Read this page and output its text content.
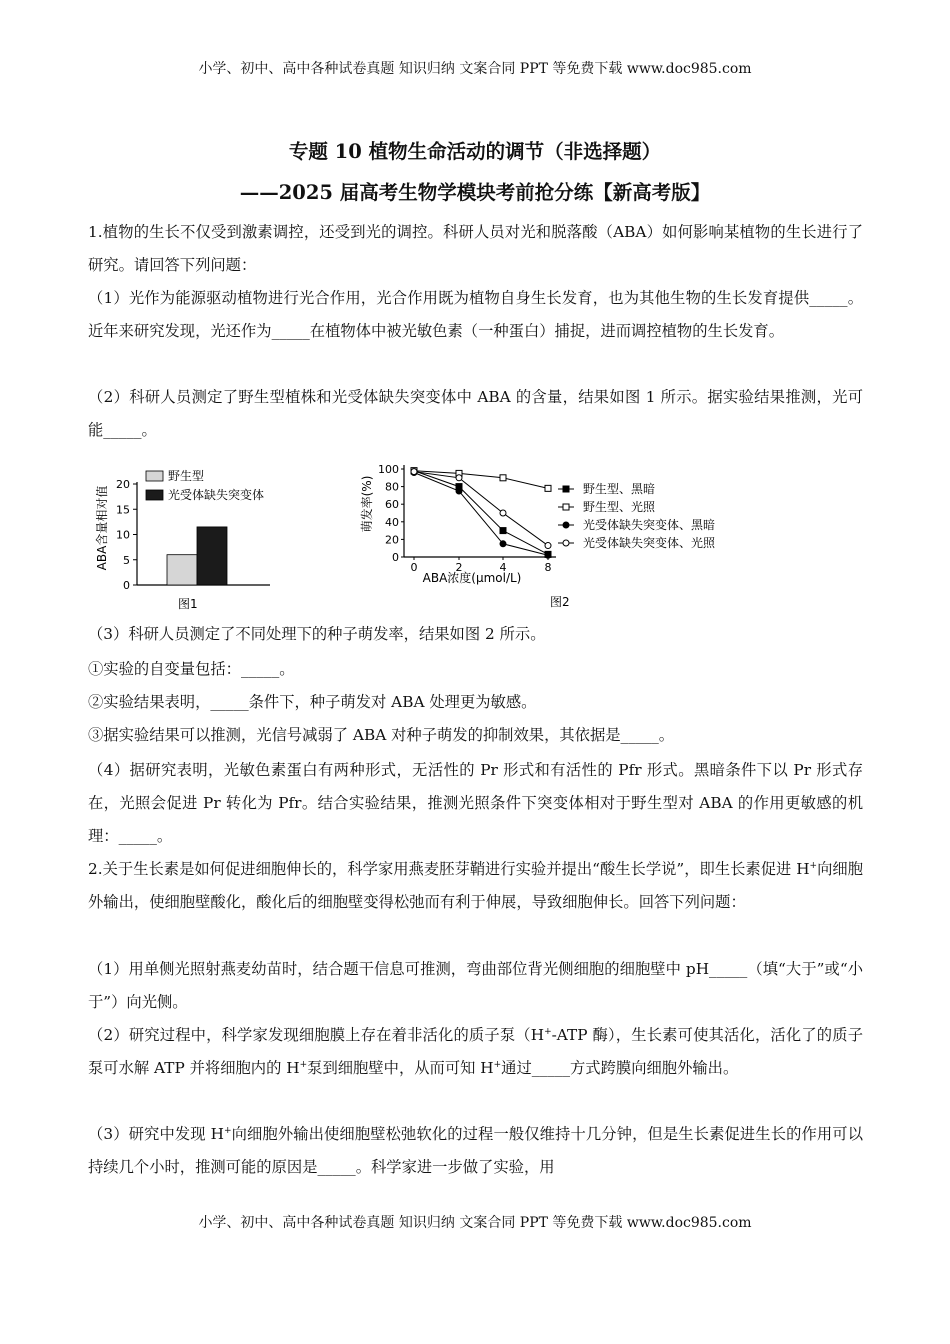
小学、初中、高中各种试卷真题 知识归纳 文案合同 PPT 等免费下载 www.doc985.com
专题 10 植物生命活动的调节（非选择题）
——2025 届高考生物学模块考前抢分练【新高考版】
1.植物的生长不仅受到激素调控，还受到光的调控。科研人员对光和脱落酸（ABA）如何影响某植物的生长进行了研究。请回答下列问题：
（1）光作为能源驱动植物进行光合作用，光合作用既为植物自身生长发育，也为其他生物的生长发育提供_____。近年来研究发现，光还作为_____在植物体中被光敏色素（一种蛋白）捕捉，进而调控植物的生长发育。
（2）科研人员测定了野生型植株和光受体缺失突变体中 ABA 的含量，结果如图 1 所示。据实验结果推测，光可能_____。
ABA含量相对值
0
5
10
15
20
野生型
光受体缺失突变体
图1
萌发率(%)
0
20
40
60
80
100
0	2	4	8
野生型、黑暗
野生型、光照
光受体缺失突变体、黑暗
光受体缺失突变体、光照
ABA浓度(μmol/L)
图2
（3）科研人员测定了不同处理下的种子萌发率，结果如图 2 所示。
①实验的自变量包括：_____。
②实验结果表明，_____条件下，种子萌发对 ABA 处理更为敏感。
③据实验结果可以推测，光信号减弱了 ABA 对种子萌发的抑制效果，其依据是_____。
（4）据研究表明，光敏色素蛋白有两种形式，无活性的 Pr 形式和有活性的 Pfr 形式。黑暗条件下以 Pr 形式存在，光照会促进 Pr 转化为 Pfr。结合实验结果，推测光照条件下突变体相对于野生型对 ABA 的作用更敏感的机理：_____。
2.关于生长素是如何促进细胞伸长的，科学家用燕麦胚芽鞘进行实验并提出“酸生长学说”，即生长素促进 H+向细胞外输出，使细胞壁酸化，酸化后的细胞壁变得松弛而有利于伸展，导致细胞伸长。回答下列问题：
（1）用单侧光照射燕麦幼苗时，结合题干信息可推测，弯曲部位背光侧细胞的细胞壁中 pH_____（填“大于”或“小于”）向光侧。
（2）研究过程中，科学家发现细胞膜上存在着非活化的质子泵（H+-ATP 酶），生长素可使其活化，活化了的质子泵可水解 ATP 并将细胞内的 H+泵到细胞壁中，从而可知 H+通过_____方式跨膜向细胞外输出。
（3）研究中发现 H+向细胞外输出使细胞壁松弛软化的过程一般仅维持十几分钟，但是生长素促进生长的作用可以持续几个小时，推测可能的原因是_____。科学家进一步做了实验，用
小学、初中、高中各种试卷真题 知识归纳 文案合同 PPT 等免费下载 www.doc985.com
